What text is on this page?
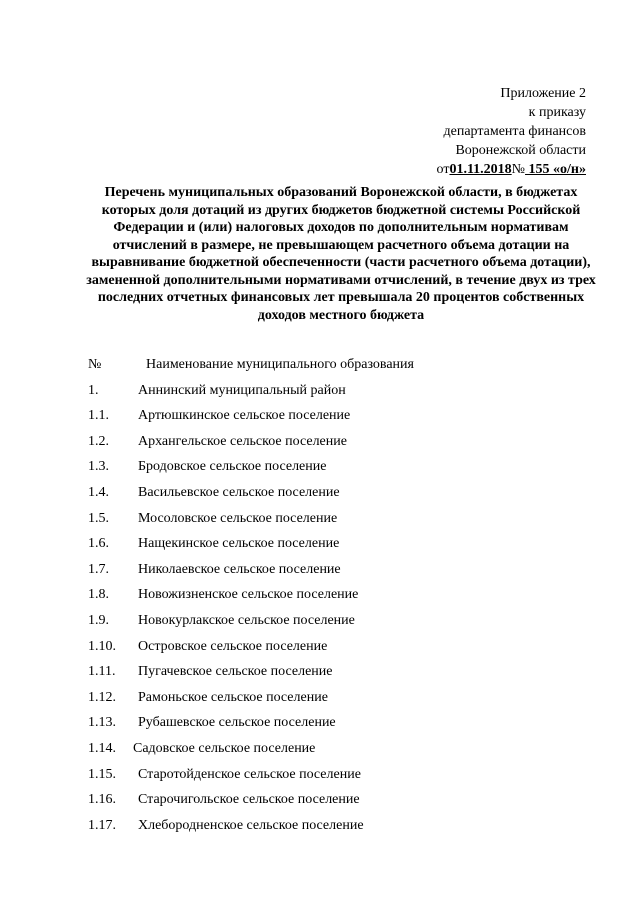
Приложение 2
к приказу
департамента финансов
Воронежской области
от01.11.2018№ 155 «о/н»
Перечень муниципальных образований Воронежской области, в бюджетах которых доля дотаций из других бюджетов бюджетной системы Российской Федерации и (или) налоговых доходов по дополнительным нормативам отчислений в размере, не превышающем расчетного объема дотации на выравнивание бюджетной обеспеченности (части расчетного объема дотации), замененной дополнительными нормативами отчислений, в течение двух из трех последних отчетных финансовых лет превышала 20 процентов собственных доходов местного бюджета
№	Наименование муниципального образования
1.	Аннинский муниципальный район
1.1. Артюшкинское сельское поселение
1.2. Архангельское сельское поселение
1.3. Бродовское сельское поселение
1.4. Васильевское сельское поселение
1.5. Мосоловское сельское поселение
1.6. Нащекинское сельское поселение
1.7. Николаевское сельское поселение
1.8. Новожизненское сельское поселение
1.9. Новокурлакское сельское поселение
1.10. Островское сельское поселение
1.11. Пугачевское сельское поселение
1.12. Рамоньское сельское поселение
1.13. Рубашевское сельское поселение
1.14. Садовское сельское поселение
1.15. Старотойденское сельское поселение
1.16. Старочигольское сельское поселение
1.17. Хлебородненское сельское поселение
